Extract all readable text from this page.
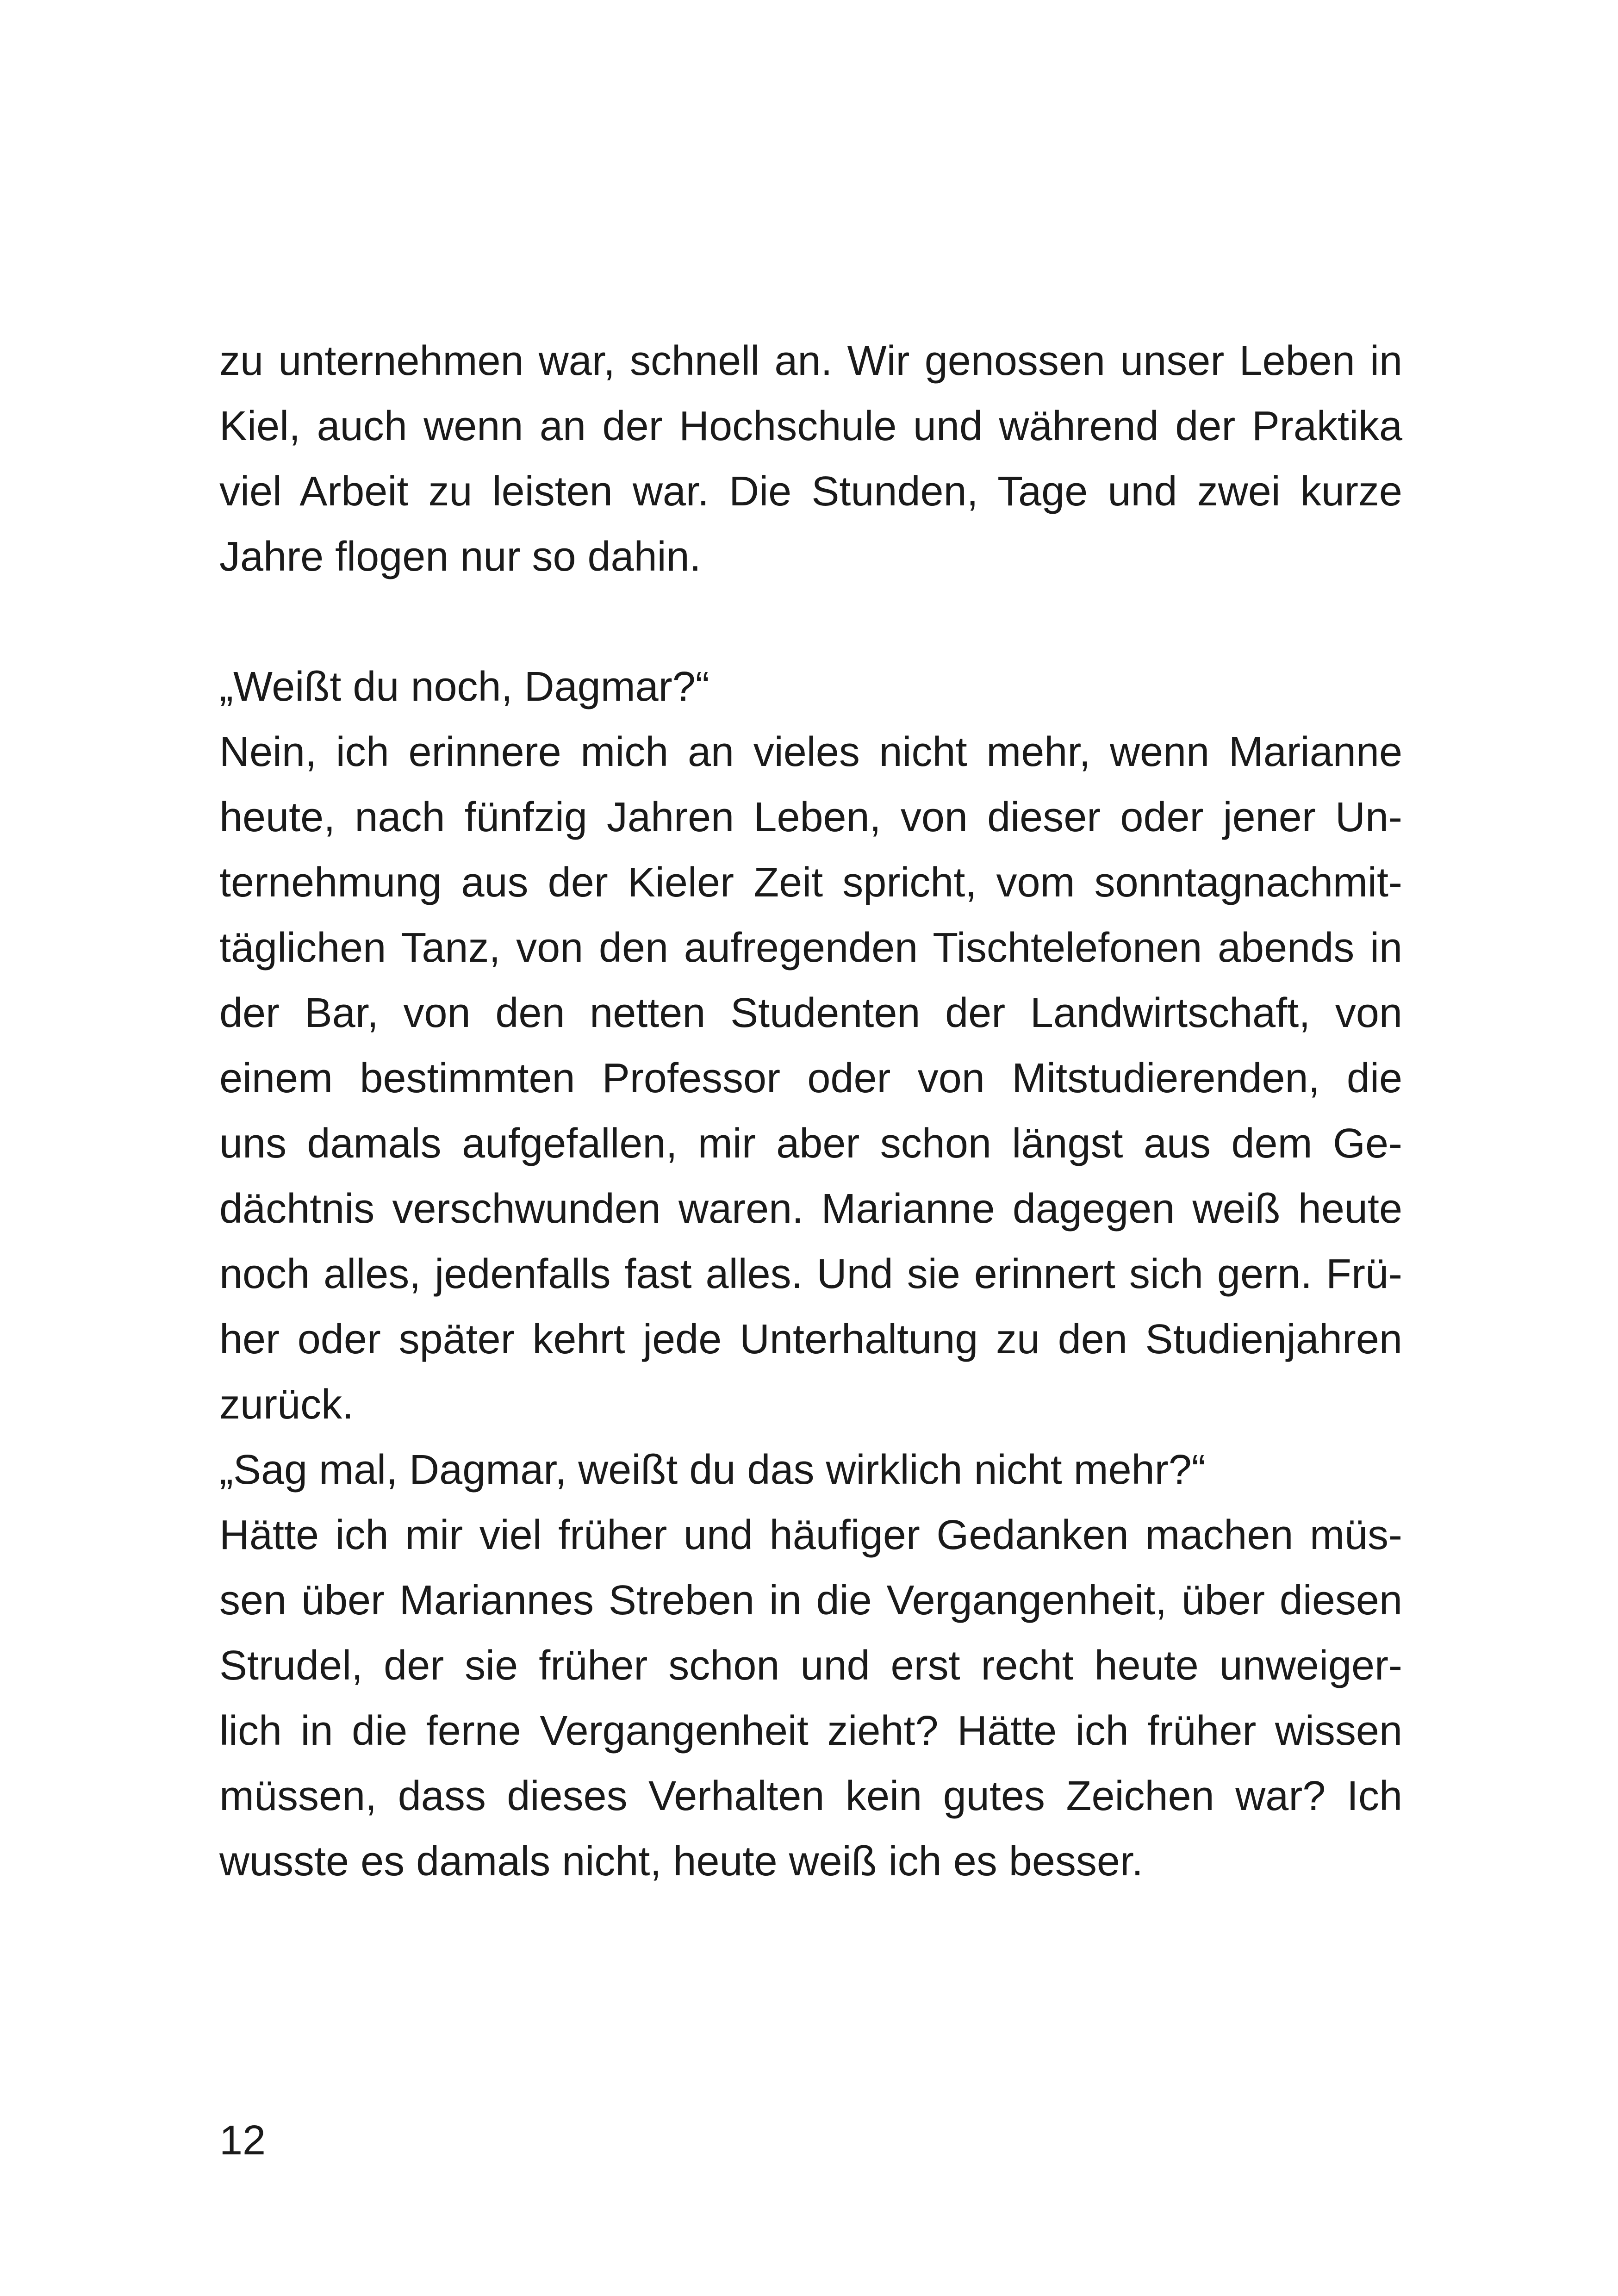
zu unternehmen war, schnell an. Wir genossen unser Leben in
Kiel, auch wenn an der Hochschule und während der Praktika
viel Arbeit zu leisten war. Die Stunden, Tage und zwei kurze
Jahre flogen nur so dahin.
„Weißt du noch, Dagmar?“
Nein, ich erinnere mich an vieles nicht mehr, wenn Marianne
heute, nach fünfzig Jahren Leben, von dieser oder jener Un-
ternehmung aus der Kieler Zeit spricht, vom sonntagnachmit-
täglichen Tanz, von den aufregenden Tischtelefonen abends in
der Bar, von den netten Studenten der Landwirtschaft, von
einem bestimmten Professor oder von Mitstudierenden, die
uns damals aufgefallen, mir aber schon längst aus dem Ge-
dächtnis verschwunden waren. Marianne dagegen weiß heute
noch alles, jedenfalls fast alles. Und sie erinnert sich gern. Frü-
her oder später kehrt jede Unterhaltung zu den Studienjahren
zurück.
„Sag mal, Dagmar, weißt du das wirklich nicht mehr?“
Hätte ich mir viel früher und häufiger Gedanken machen müs-
sen über Mariannes Streben in die Vergangenheit, über diesen
Strudel, der sie früher schon und erst recht heute unweiger-
lich in die ferne Vergangenheit zieht? Hätte ich früher wissen
müssen, dass dieses Verhalten kein gutes Zeichen war? Ich
wusste es damals nicht, heute weiß ich es besser.
12
